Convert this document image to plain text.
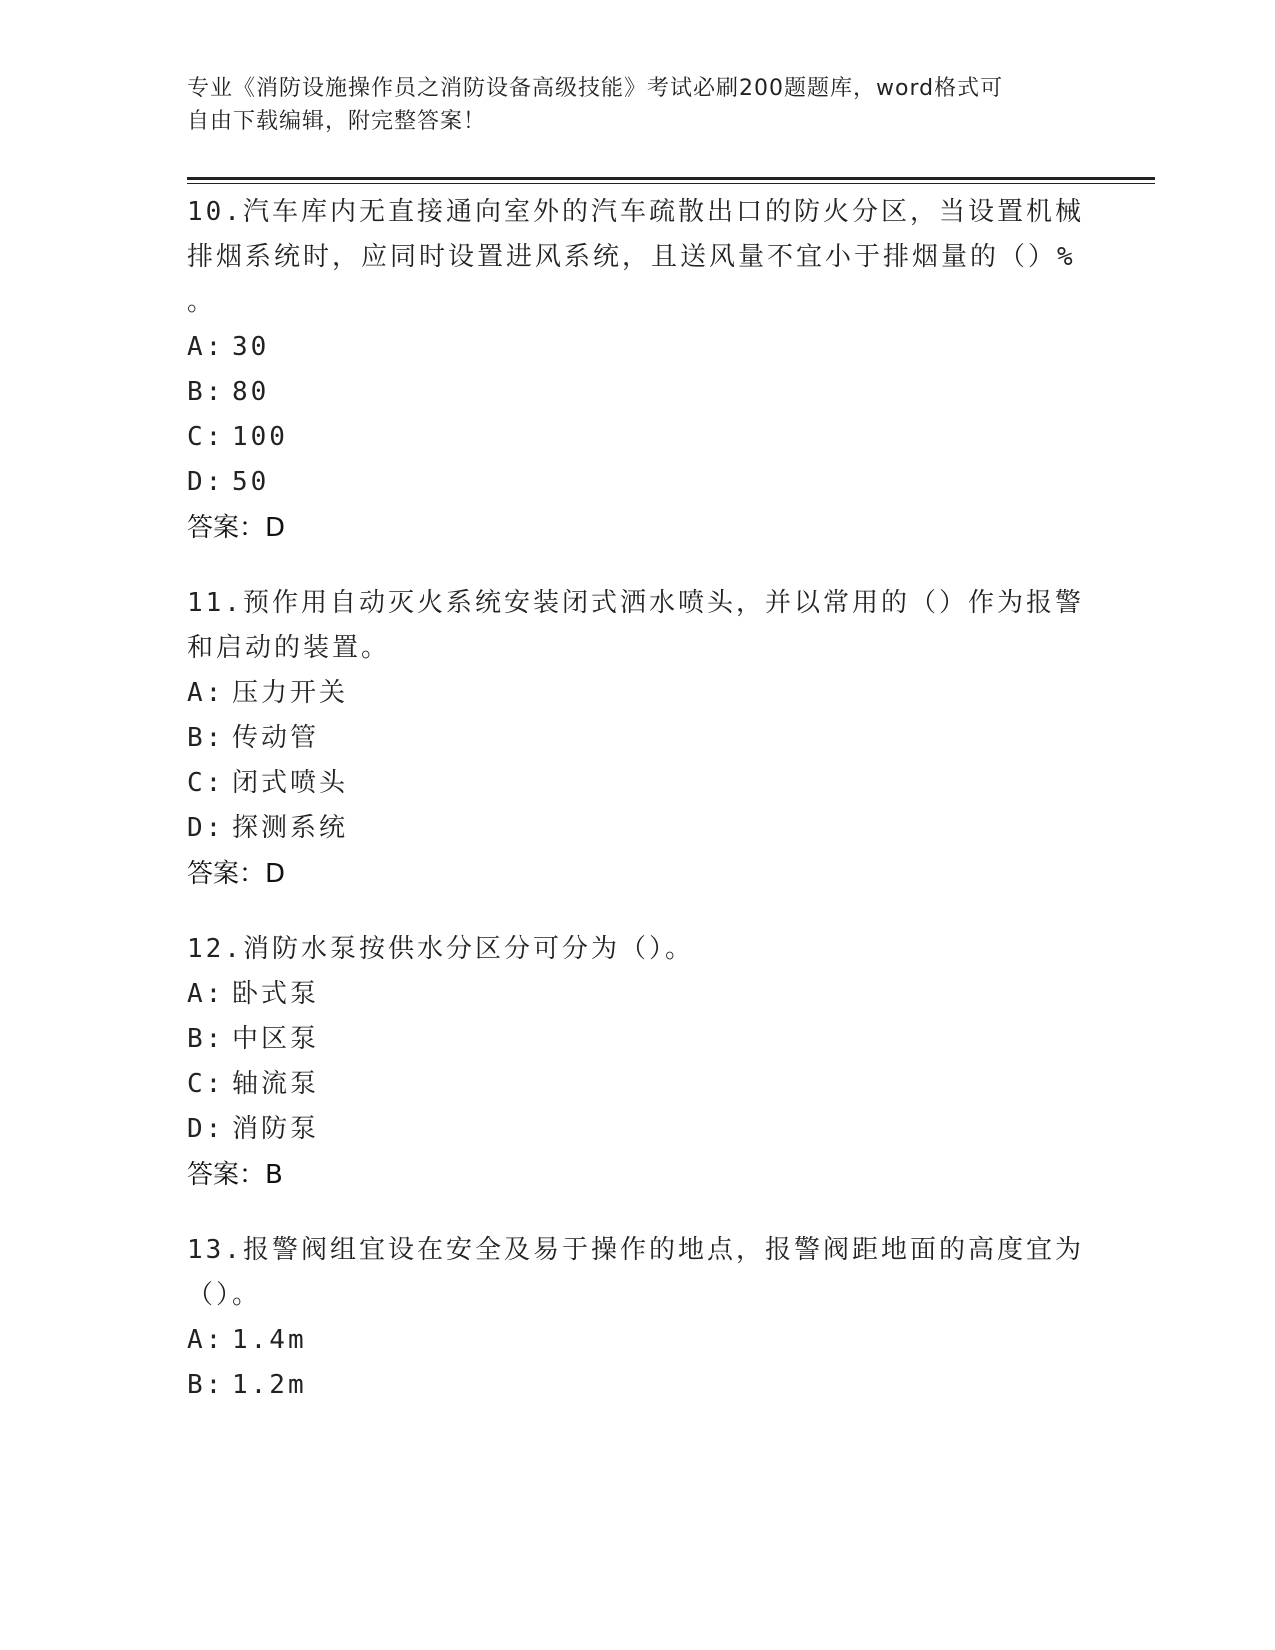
专业《消防设施操作员之消防设备高级技能》考试必刷200题题库，word格式可
自由下载编辑，附完整答案！
10.汽车库内无直接通向室外的汽车疏散出口的防火分区，当设置机械
排烟系统时，应同时设置进风系统，且送风量不宜小于排烟量的（）%
。
A: 30
B: 80
C: 100
D: 50
答案：D
11.预作用自动灭火系统安装闭式洒水喷头，并以常用的（）作为报警
和启动的装置。
A: 压力开关
B: 传动管
C: 闭式喷头
D: 探测系统
答案：D
12.消防水泵按供水分区分可分为（）。
A: 卧式泵
B: 中区泵
C: 轴流泵
D: 消防泵
答案：B
13.报警阀组宜设在安全及易于操作的地点，报警阀距地面的高度宜为
（）。
A: 1.4m
B: 1.2m
